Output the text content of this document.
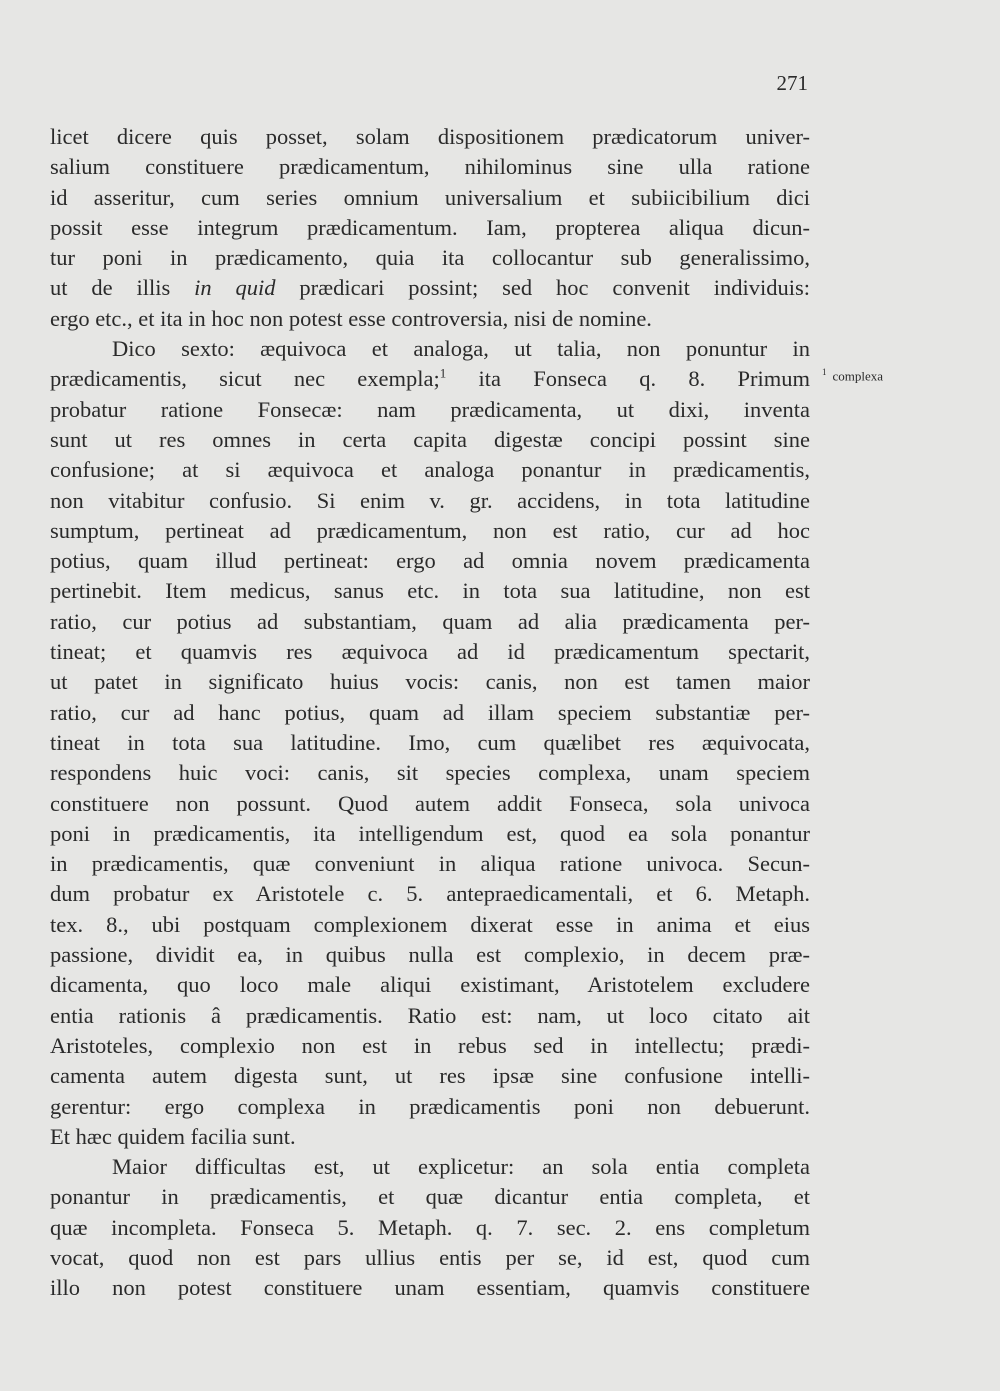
271
licet dicere quis posset, solam dispositionem prædicatorum univer-
salium constituere prædicamentum, nihilominus sine ulla ratione
id asseritur, cum series omnium universalium et subiicibilium dici
possit esse integrum prædicamentum. Iam, propterea aliqua dicun-
tur poni in prædicamento, quia ita collocantur sub generalissimo,
ut de illis in quid prædicari possint; sed hoc convenit individuis:
ergo etc., et ita in hoc non potest esse controversia, nisi de nomine.
Dico sexto: æquivoca et analoga, ut talia, non ponuntur in
prædicamentis, sicut nec exempla;$^1$ ita Fonseca q. 8. Primum
probatur ratione Fonsecæ: nam prædicamenta, ut dixi, inventa
sunt ut res omnes in certa capita digestæ concipi possint sine
confusione; at si æquivoca et analoga ponantur in prædicamentis,
non vitabitur confusio. Si enim v. gr. accidens, in tota latitudine
sumptum, pertineat ad prædicamentum, non est ratio, cur ad hoc
potius, quam illud pertineat: ergo ad omnia novem prædicamenta
pertinebit. Item medicus, sanus etc. in tota sua latitudine, non est
ratio, cur potius ad substantiam, quam ad alia prædicamenta per-
tineat; et quamvis res æquivoca ad id prædicamentum spectarit,
ut patet in significato huius vocis: canis, non est tamen maior
ratio, cur ad hanc potius, quam ad illam speciem substantiæ per-
tineat in tota sua latitudine. Imo, cum quælibet res æquivocata,
respondens huic voci: canis, sit species complexa, unam speciem
constituere non possunt. Quod autem addit Fonseca, sola univoca
poni in prædicamentis, ita intelligendum est, quod ea sola ponantur
in prædicamentis, quæ conveniunt in aliqua ratione univoca. Secun-
dum probatur ex Aristotele c. 5. antepraedicamentali, et 6. Metaph.
tex. 8., ubi postquam complexionem dixerat esse in anima et eius
passione, dividit ea, in quibus nulla est complexio, in decem præ-
dicamenta, quo loco male aliqui existimant, Aristotelem excludere
entia rationis â prædicamentis. Ratio est: nam, ut loco citato ait
Aristoteles, complexio non est in rebus sed in intellectu; prædi-
camenta autem digesta sunt, ut res ipsæ sine confusione intelli-
gerentur: ergo complexa in prædicamentis poni non debuerunt.
Et hæc quidem facilia sunt.
Maior difficultas est, ut explicetur: an sola entia completa
ponantur in prædicamentis, et quæ dicantur entia completa, et
quæ incompleta. Fonseca 5. Metaph. q. 7. sec. 2. ens completum
vocat, quod non est pars ullius entis per se, id est, quod cum
illo non potest constituere unam essentiam, quamvis constituere
$^1$ complexa
